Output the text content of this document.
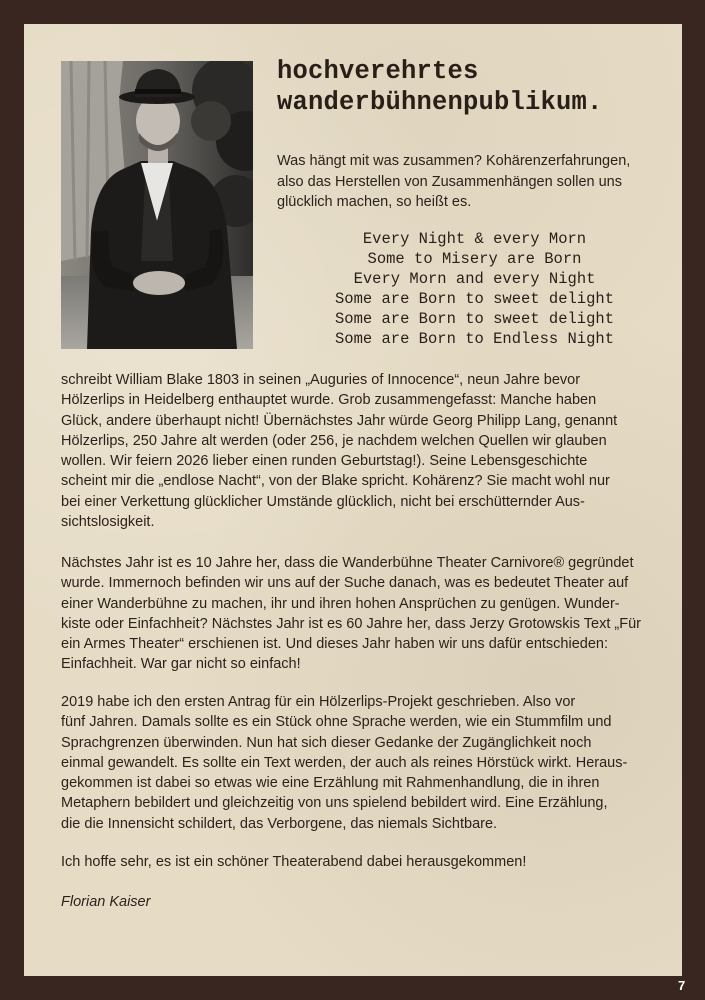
hochverehrtes
wanderbühnenpublikum.

Was hängt mit was zusammen? Kohärenzerfahrungen,
also das Herstellen von Zusammenhängen sollen uns
glücklich machen, so heißt es.

Every Night & every Morn
Some to Misery are Born
Every Morn and every Night
Some are Born to sweet delight
Some are Born to sweet delight
Some are Born to Endless Night

schreibt William Blake 1803 in seinen „Auguries of Innocence“, neun Jahre bevor
Hölzerlips in Heidelberg enthauptet wurde. Grob zusammengefasst: Manche haben
Glück, andere überhaupt nicht! Übernächstes Jahr würde Georg Philipp Lang, genannt
Hölzerlips, 250 Jahre alt werden (oder 256, je nachdem welchen Quellen wir glauben
wollen. Wir feiern 2026 lieber einen runden Geburtstag!). Seine Lebensgeschichte
scheint mir die „endlose Nacht“, von der Blake spricht. Kohärenz? Sie macht wohl nur
bei einer Verkettung glücklicher Umstände glücklich, nicht bei erschütternder Aus-
sichtslosigkeit.

Nächstes Jahr ist es 10 Jahre her, dass die Wanderbühne Theater Carnivore® gegründet
wurde. Immernoch befinden wir uns auf der Suche danach, was es bedeutet Theater auf
einer Wanderbühne zu machen, ihr und ihren hohen Ansprüchen zu genügen. Wunder-
kiste oder Einfachheit? Nächstes Jahr ist es 60 Jahre her, dass Jerzy Grotowskis Text „Für
ein Armes Theater“ erschienen ist. Und dieses Jahr haben wir uns dafür entschieden:
Einfachheit. War gar nicht so einfach!

2019 habe ich den ersten Antrag für ein Hölzerlips-Projekt geschrieben. Also vor
fünf Jahren. Damals sollte es ein Stück ohne Sprache werden, wie ein Stummfilm und
Sprachgrenzen überwinden. Nun hat sich dieser Gedanke der Zugänglichkeit noch
einmal gewandelt. Es sollte ein Text werden, der auch als reines Hörstück wirkt. Heraus-
gekommen ist dabei so etwas wie eine Erzählung mit Rahmenhandlung, die in ihren
Metaphern bebildert und gleichzeitig von uns spielend bebildert wird. Eine Erzählung,
die die Innensicht schildert, das Verborgene, das niemals Sichtbare.

Ich hoffe sehr, es ist ein schöner Theaterabend dabei herausgekommen!

Florian Kaiser

7
